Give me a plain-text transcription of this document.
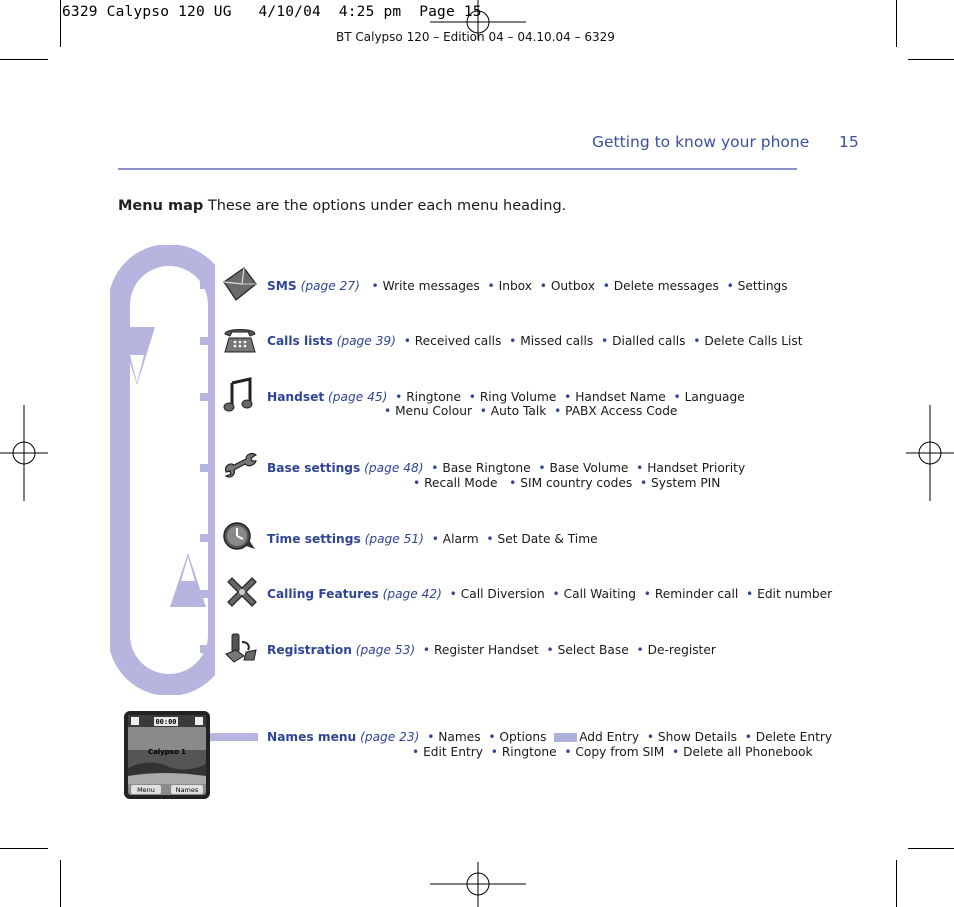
6329 Calypso 120 UG   4/10/04  4:25 pm  Page 15
BT Calypso 120 – Edition 04 – 04.10.04 – 6329
Getting to know your phone 15
Menu map These are the options under each menu heading.
SMS (page 27) • Write messages • Inbox • Outbox • Delete messages • Settings
Calls lists (page 39) • Received calls • Missed calls • Dialled calls • Delete Calls List
Handset (page 45) • Ringtone • Ring Volume • Handset Name • Language
• Menu Colour • Auto Talk • PABX Access Code
Base settings (page 48) • Base Ringtone • Base Volume • Handset Priority
• Recall Mode • SIM country codes • System PIN
Time settings (page 51) • Alarm • Set Date & Time
Calling Features (page 42) • Call Diversion • Call Waiting • Reminder call • Edit number
Registration (page 53) • Register Handset • Select Base • De-register
00:00
Calypso 1
Menu	Names
Names menu (page 23) • Names • Options	Add Entry • Show Details • Delete Entry
• Edit Entry • Ringtone • Copy from SIM • Delete all Phonebook
